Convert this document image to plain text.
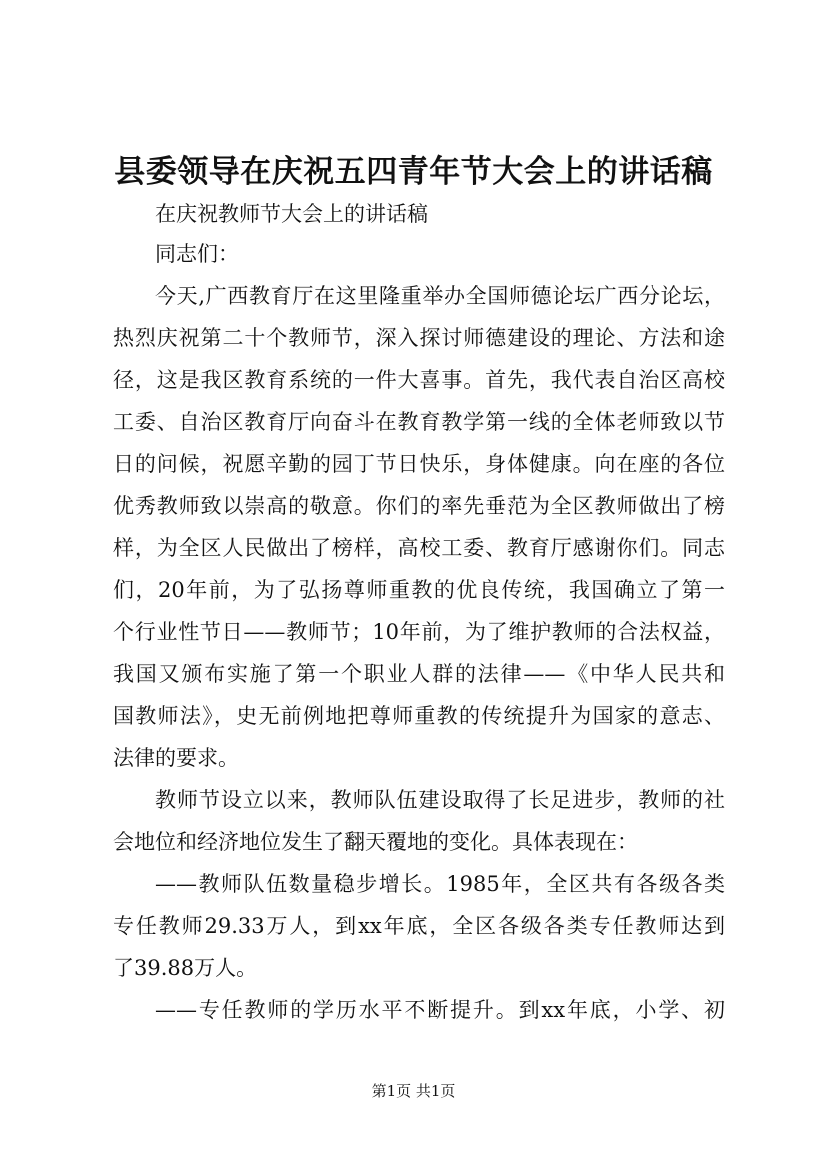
县委领导在庆祝五四青年节大会上的讲话稿
在庆祝教师节大会上的讲话稿
同志们：
今天,广西教育厅在这里隆重举办全国师德论坛广西分论坛，
热烈庆祝第二十个教师节，深入探讨师德建设的理论、方法和途
径，这是我区教育系统的一件大喜事。首先，我代表自治区高校
工委、自治区教育厅向奋斗在教育教学第一线的全体老师致以节
日的问候，祝愿辛勤的园丁节日快乐，身体健康。向在座的各位
优秀教师致以崇高的敬意。你们的率先垂范为全区教师做出了榜
样，为全区人民做出了榜样，高校工委、教育厅感谢你们。同志
们，20年前，为了弘扬尊师重教的优良传统，我国确立了第一
个行业性节日——教师节；10年前，为了维护教师的合法权益，
我国又颁布实施了第一个职业人群的法律——《中华人民共和
国教师法》，史无前例地把尊师重教的传统提升为国家的意志、
法律的要求。
教师节设立以来，教师队伍建设取得了长足进步，教师的社
会地位和经济地位发生了翻天覆地的变化。具体表现在：
——教师队伍数量稳步增长。1985年，全区共有各级各类
专任教师29.33万人，到xx年底，全区各级各类专任教师达到
了39.88万人。
——专任教师的学历水平不断提升。到xx年底，小学、初
第1页 共1页
